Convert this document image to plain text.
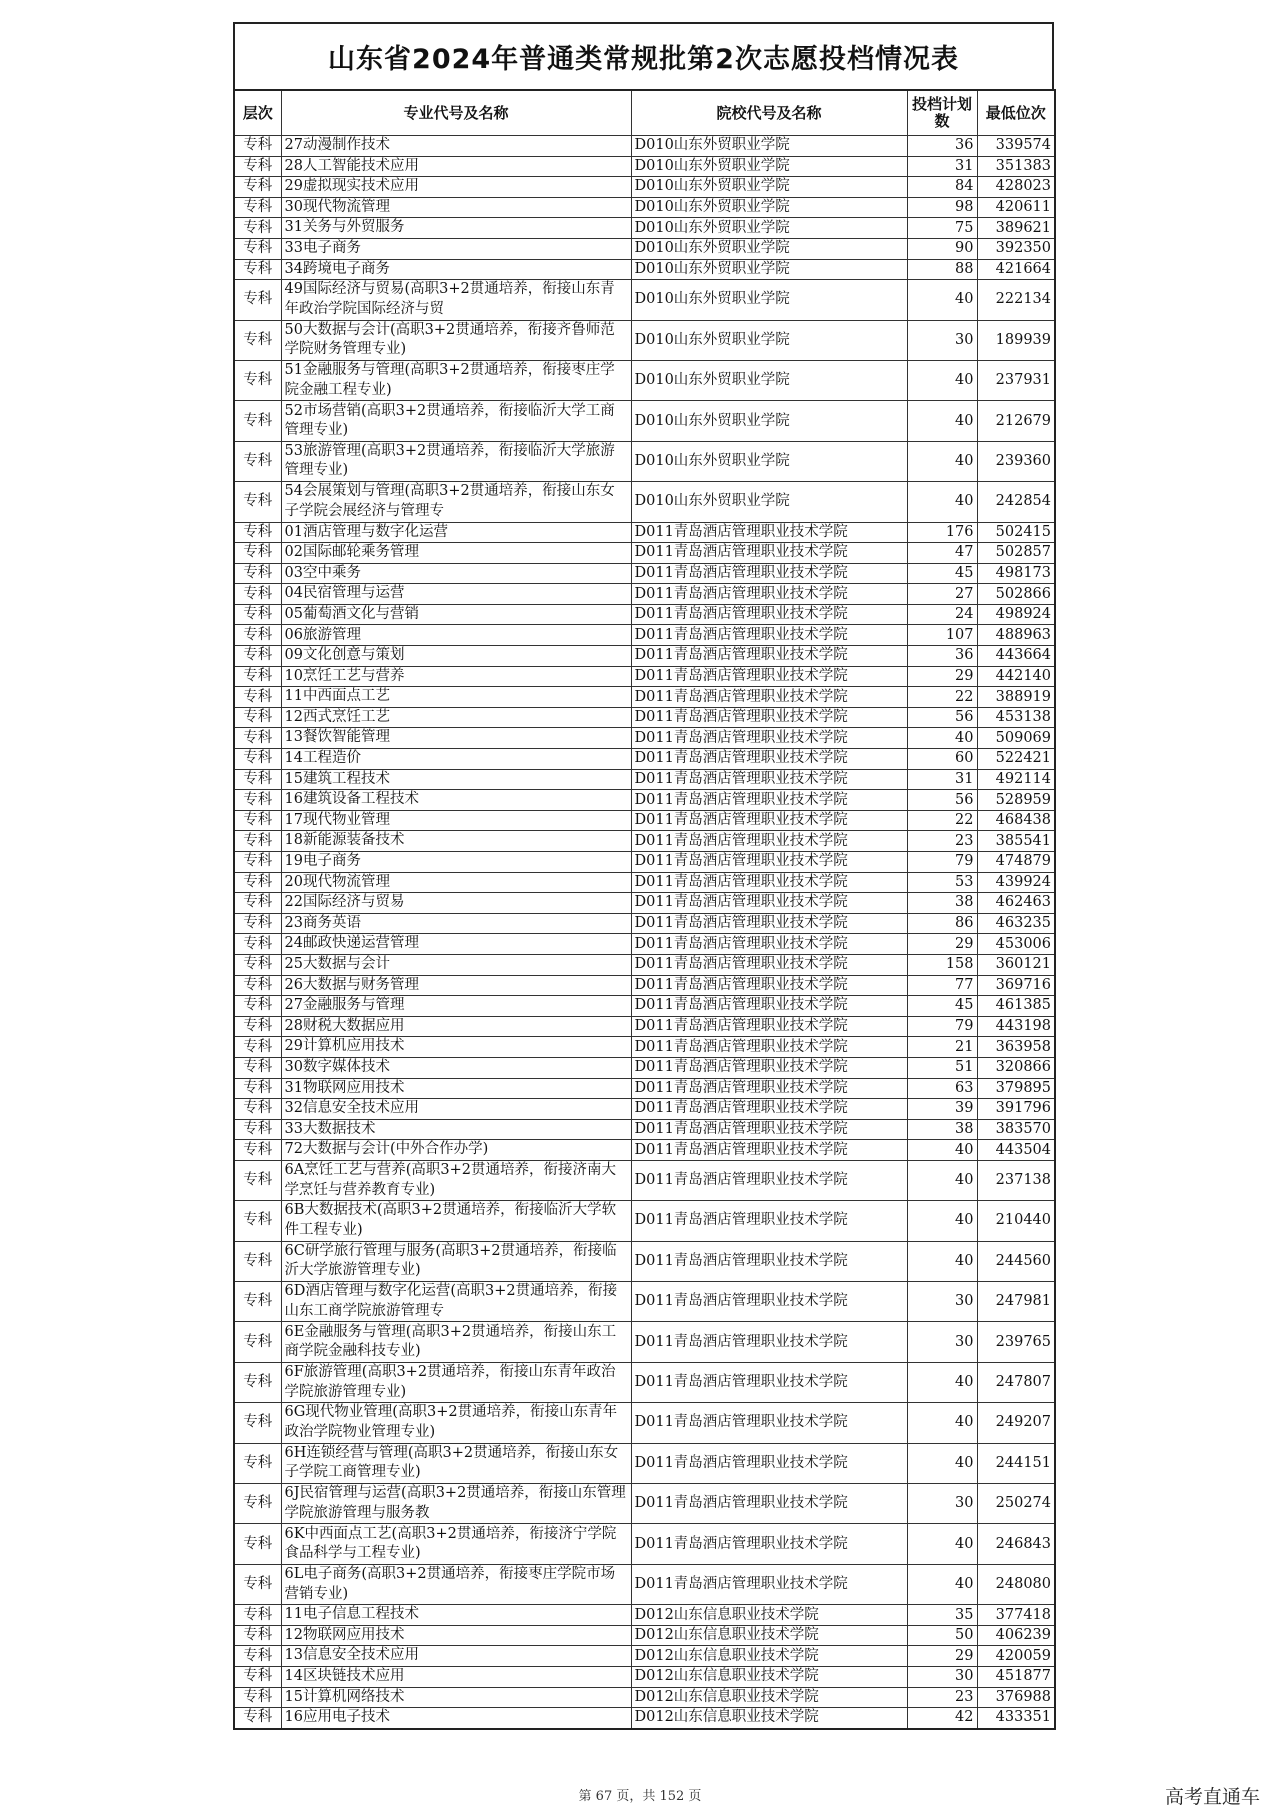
山东省2024年普通类常规批第2次志愿投档情况表
层次	专业代号及名称	院校代号及名称	投档计划数	最低位次
专科	27动漫制作技术	D010山东外贸职业学院	36	339574
专科	28人工智能技术应用	D010山东外贸职业学院	31	351383
专科	29虚拟现实技术应用	D010山东外贸职业学院	84	428023
专科	30现代物流管理	D010山东外贸职业学院	98	420611
专科	31关务与外贸服务	D010山东外贸职业学院	75	389621
专科	33电子商务	D010山东外贸职业学院	90	392350
专科	34跨境电子商务	D010山东外贸职业学院	88	421664
专科	49国际经济与贸易(高职3+2贯通培养，衔接山东青年政治学院国际经济与贸	D010山东外贸职业学院	40	222134
专科	50大数据与会计(高职3+2贯通培养，衔接齐鲁师范学院财务管理专业)	D010山东外贸职业学院	30	189939
专科	51金融服务与管理(高职3+2贯通培养，衔接枣庄学院金融工程专业)	D010山东外贸职业学院	40	237931
专科	52市场营销(高职3+2贯通培养，衔接临沂大学工商管理专业)	D010山东外贸职业学院	40	212679
专科	53旅游管理(高职3+2贯通培养，衔接临沂大学旅游管理专业)	D010山东外贸职业学院	40	239360
专科	54会展策划与管理(高职3+2贯通培养，衔接山东女子学院会展经济与管理专	D010山东外贸职业学院	40	242854
专科	01酒店管理与数字化运营	D011青岛酒店管理职业技术学院	176	502415
专科	02国际邮轮乘务管理	D011青岛酒店管理职业技术学院	47	502857
专科	03空中乘务	D011青岛酒店管理职业技术学院	45	498173
专科	04民宿管理与运营	D011青岛酒店管理职业技术学院	27	502866
专科	05葡萄酒文化与营销	D011青岛酒店管理职业技术学院	24	498924
专科	06旅游管理	D011青岛酒店管理职业技术学院	107	488963
专科	09文化创意与策划	D011青岛酒店管理职业技术学院	36	443664
专科	10烹饪工艺与营养	D011青岛酒店管理职业技术学院	29	442140
专科	11中西面点工艺	D011青岛酒店管理职业技术学院	22	388919
专科	12西式烹饪工艺	D011青岛酒店管理职业技术学院	56	453138
专科	13餐饮智能管理	D011青岛酒店管理职业技术学院	40	509069
专科	14工程造价	D011青岛酒店管理职业技术学院	60	522421
专科	15建筑工程技术	D011青岛酒店管理职业技术学院	31	492114
专科	16建筑设备工程技术	D011青岛酒店管理职业技术学院	56	528959
专科	17现代物业管理	D011青岛酒店管理职业技术学院	22	468438
专科	18新能源装备技术	D011青岛酒店管理职业技术学院	23	385541
专科	19电子商务	D011青岛酒店管理职业技术学院	79	474879
专科	20现代物流管理	D011青岛酒店管理职业技术学院	53	439924
专科	22国际经济与贸易	D011青岛酒店管理职业技术学院	38	462463
专科	23商务英语	D011青岛酒店管理职业技术学院	86	463235
专科	24邮政快递运营管理	D011青岛酒店管理职业技术学院	29	453006
专科	25大数据与会计	D011青岛酒店管理职业技术学院	158	360121
专科	26大数据与财务管理	D011青岛酒店管理职业技术学院	77	369716
专科	27金融服务与管理	D011青岛酒店管理职业技术学院	45	461385
专科	28财税大数据应用	D011青岛酒店管理职业技术学院	79	443198
专科	29计算机应用技术	D011青岛酒店管理职业技术学院	21	363958
专科	30数字媒体技术	D011青岛酒店管理职业技术学院	51	320866
专科	31物联网应用技术	D011青岛酒店管理职业技术学院	63	379895
专科	32信息安全技术应用	D011青岛酒店管理职业技术学院	39	391796
专科	33大数据技术	D011青岛酒店管理职业技术学院	38	383570
专科	72大数据与会计(中外合作办学)	D011青岛酒店管理职业技术学院	40	443504
专科	6A烹饪工艺与营养(高职3+2贯通培养，衔接济南大学烹饪与营养教育专业)	D011青岛酒店管理职业技术学院	40	237138
专科	6B大数据技术(高职3+2贯通培养，衔接临沂大学软件工程专业)	D011青岛酒店管理职业技术学院	40	210440
专科	6C研学旅行管理与服务(高职3+2贯通培养，衔接临沂大学旅游管理专业)	D011青岛酒店管理职业技术学院	40	244560
专科	6D酒店管理与数字化运营(高职3+2贯通培养，衔接山东工商学院旅游管理专	D011青岛酒店管理职业技术学院	30	247981
专科	6E金融服务与管理(高职3+2贯通培养，衔接山东工商学院金融科技专业)	D011青岛酒店管理职业技术学院	30	239765
专科	6F旅游管理(高职3+2贯通培养，衔接山东青年政治学院旅游管理专业)	D011青岛酒店管理职业技术学院	40	247807
专科	6G现代物业管理(高职3+2贯通培养，衔接山东青年政治学院物业管理专业)	D011青岛酒店管理职业技术学院	40	249207
专科	6H连锁经营与管理(高职3+2贯通培养，衔接山东女子学院工商管理专业)	D011青岛酒店管理职业技术学院	40	244151
专科	6J民宿管理与运营(高职3+2贯通培养，衔接山东管理学院旅游管理与服务教	D011青岛酒店管理职业技术学院	30	250274
专科	6K中西面点工艺(高职3+2贯通培养，衔接济宁学院食品科学与工程专业)	D011青岛酒店管理职业技术学院	40	246843
专科	6L电子商务(高职3+2贯通培养，衔接枣庄学院市场营销专业)	D011青岛酒店管理职业技术学院	40	248080
专科	11电子信息工程技术	D012山东信息职业技术学院	35	377418
专科	12物联网应用技术	D012山东信息职业技术学院	50	406239
专科	13信息安全技术应用	D012山东信息职业技术学院	29	420059
专科	14区块链技术应用	D012山东信息职业技术学院	30	451877
专科	15计算机网络技术	D012山东信息职业技术学院	23	376988
专科	16应用电子技术	D012山东信息职业技术学院	42	433351
第 67 页，共 152 页	高考直通车
